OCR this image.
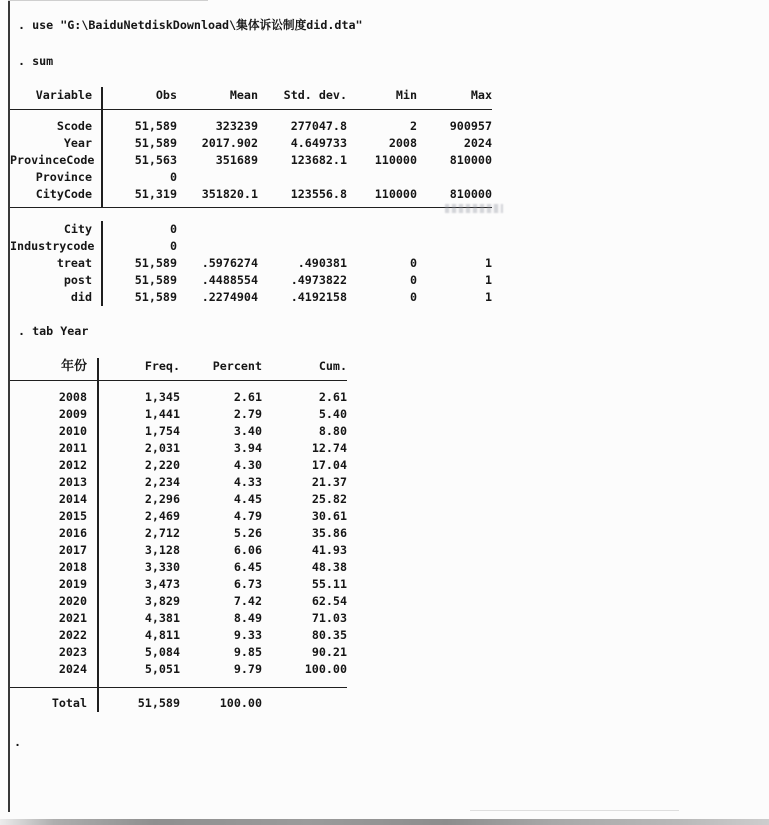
. use "G:\BaiduNetdiskDownload\集体诉讼制度did.dta"
. sum
Variable	Obs	Mean	Std. dev.	Min	Max
Scode	51,589	323239	277047.8	2	900957
Year	51,589	2017.902	4.649733	2008	2024
ProvinceCode	51,563	351689	123682.1	110000	810000
Province	0
CityCode	51,319	351820.1	123556.8	110000	810000
City	0
Industrycode	0
treat	51,589	.5976274	.490381	0	1
post	51,589	.4488554	.4973822	0	1
did	51,589	.2274904	.4192158	0	1
. tab Year
年份	Freq.	Percent	Cum.
2008	1,345	2.61	2.61
2009	1,441	2.79	5.40
2010	1,754	3.40	8.80
2011	2,031	3.94	12.74
2012	2,220	4.30	17.04
2013	2,234	4.33	21.37
2014	2,296	4.45	25.82
2015	2,469	4.79	30.61
2016	2,712	5.26	35.86
2017	3,128	6.06	41.93
2018	3,330	6.45	48.38
2019	3,473	6.73	55.11
2020	3,829	7.42	62.54
2021	4,381	8.49	71.03
2022	4,811	9.33	80.35
2023	5,084	9.85	90.21
2024	5,051	9.79	100.00
Total	51,589	100.00
.
